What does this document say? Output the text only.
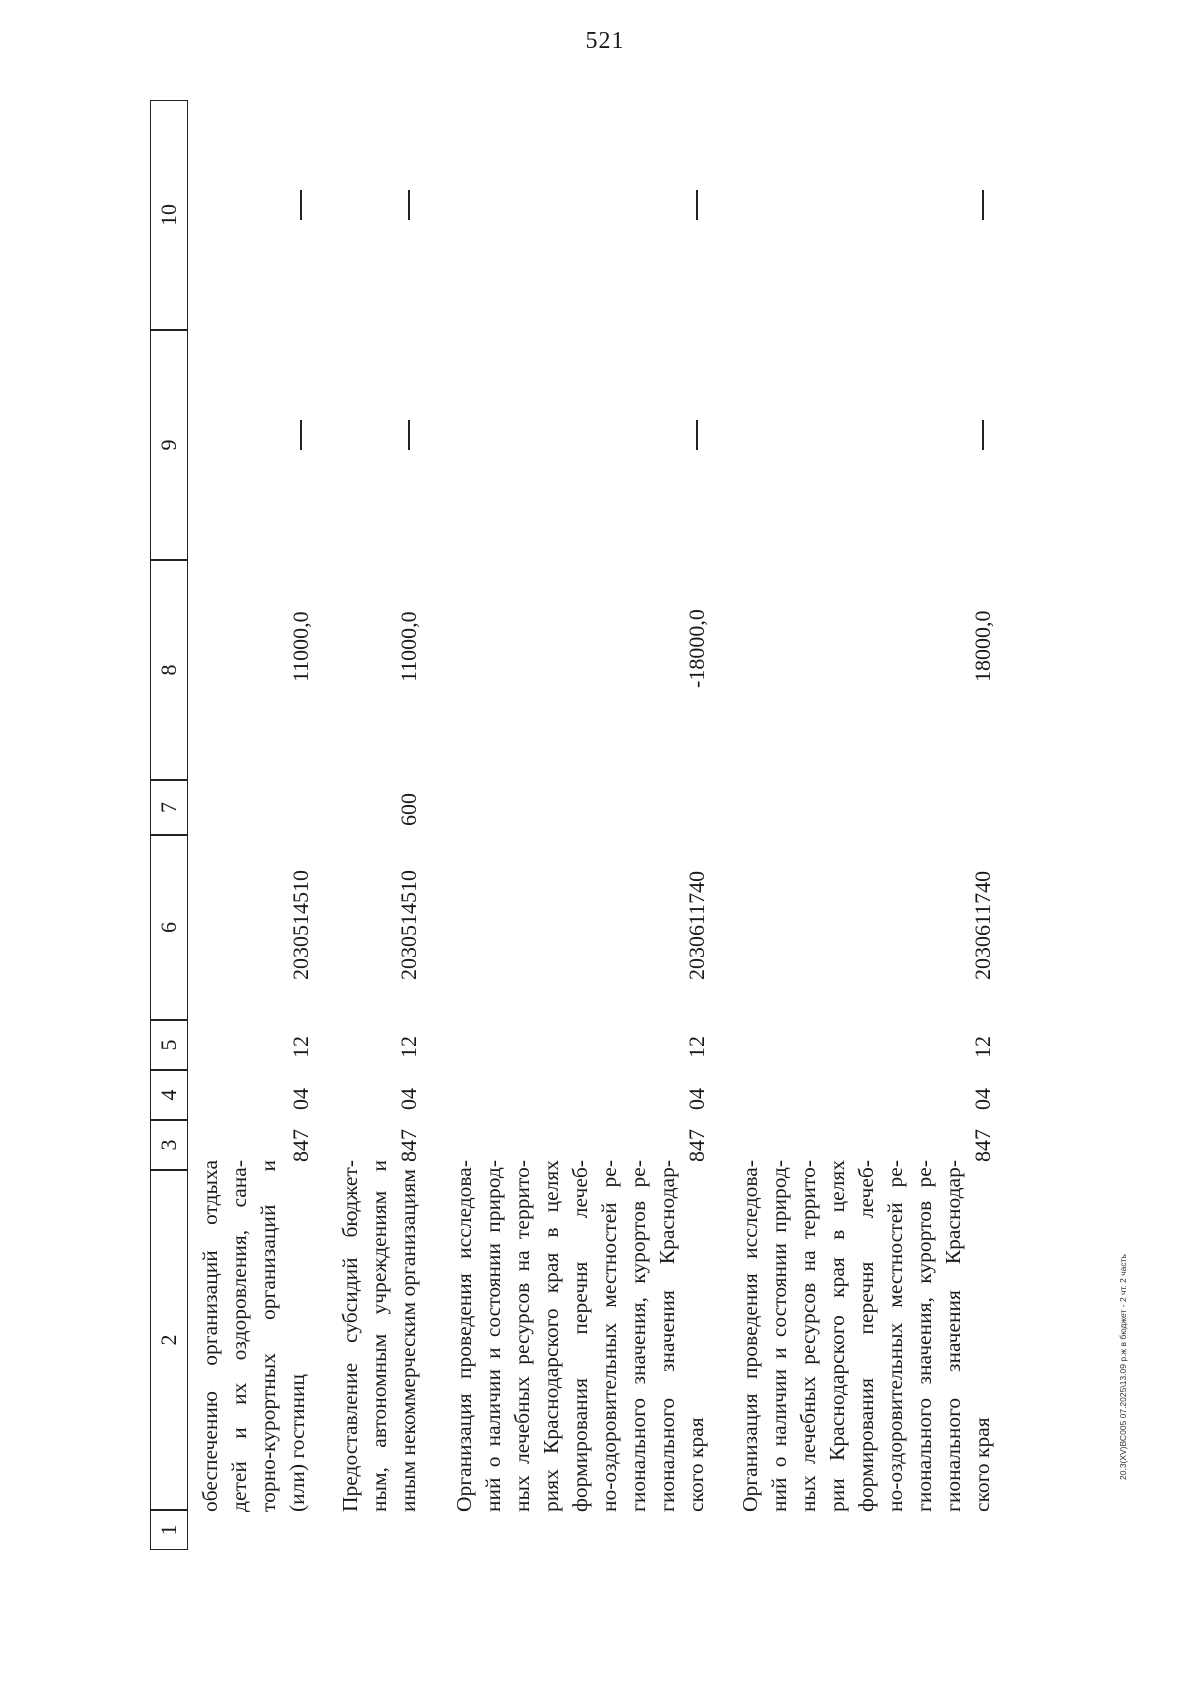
521
1
2
3
4
5
6
7
8
9
10
обеспечению организаций отдыха детей и их оздоровления, сана- торно-курортных организаций и (или) гостиниц
847
04
12
2030514510
11000,0
Предоставление субсидий бюджет- ным, автономным учреждениям и иным некоммерческим организациям
847
04
12
2030514510
600
11000,0
Организация проведения исследова- ний о наличии и состоянии природ- ных лечебных ресурсов на террито- риях Краснодарского края в целях формирования перечня лечеб- но-оздоровительных местностей ре- гионального значения, курортов ре- гионального значения Краснодар- ского края
847
04
12
2030611740
-18000,0
Организация проведения исследова- ний о наличии и состоянии природ- ных лечебных ресурсов на террито- рии Краснодарского края в целях формирования перечня лечеб- но-оздоровительных местностей ре- гионального значения, курортов ре- гионального значения Краснодар- ского края
847
04
12
2030611740
18000,0
20.3(XV)ВС005 07.2025\13.09 р.ж в бюджет - 2 чт. 2 часть
